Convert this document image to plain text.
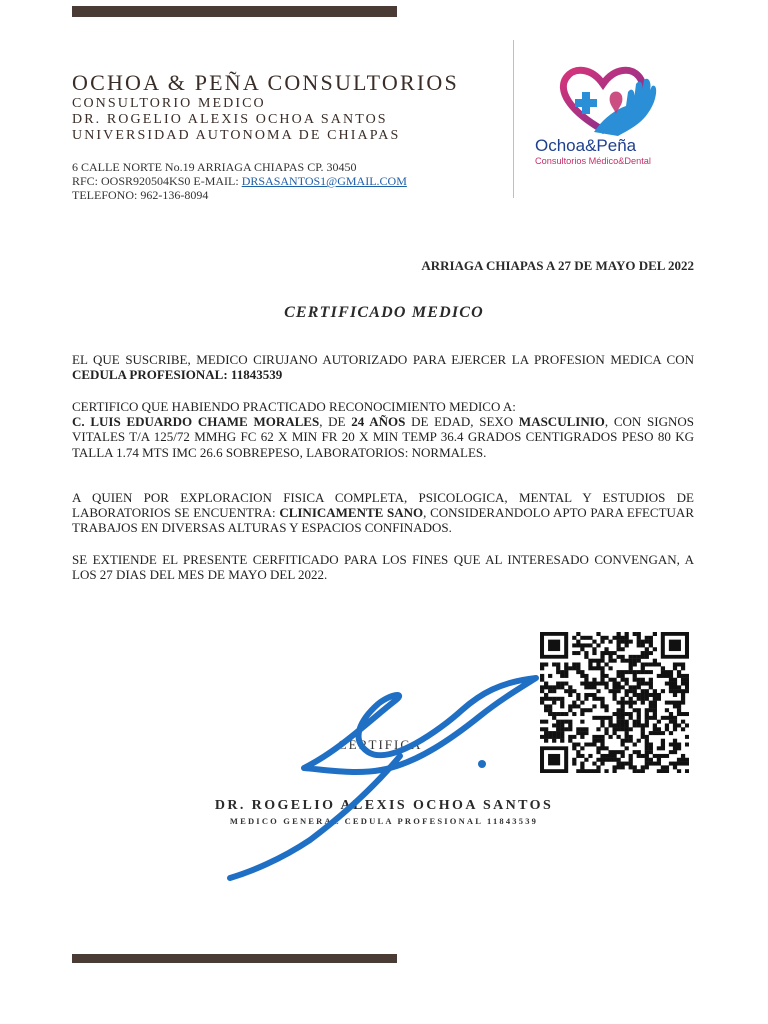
OCHOA & PEÑA CONSULTORIOS
CONSULTORIO MEDICO
DR. ROGELIO ALEXIS OCHOA SANTOS
UNIVERSIDAD AUTONOMA DE CHIAPAS
6 CALLE NORTE No.19 ARRIAGA CHIAPAS CP. 30450
RFC: OOSR920504KS0 E-MAIL: DRSASANTOS1@GMAIL.COM
TELEFONO: 962-136-8094
Ochoa&Peña
Consultorios Médico&Dental
ARRIAGA CHIAPAS A 27 DE MAYO DEL 2022
CERTIFICADO MEDICO
EL QUE SUSCRIBE, MEDICO CIRUJANO AUTORIZADO PARA EJERCER LA PROFESION MEDICA CON CEDULA PROFESIONAL: 11843539
CERTIFICO QUE HABIENDO PRACTICADO RECONOCIMIENTO MEDICO A:
C. LUIS EDUARDO CHAME MORALES, DE 24 AÑOS DE EDAD, SEXO MASCULINIO, CON SIGNOS VITALES T/A 125/72 MMHG FC 62 X MIN FR 20 X MIN TEMP 36.4 GRADOS CENTIGRADOS PESO 80 KG TALLA 1.74 MTS IMC 26.6 SOBREPESO, LABORATORIOS: NORMALES.
A QUIEN POR EXPLORACION FISICA COMPLETA, PSICOLOGICA, MENTAL Y ESTUDIOS DE LABORATORIOS SE ENCUENTRA: CLINICAMENTE SANO, CONSIDERANDOLO APTO PARA EFECTUAR TRABAJOS EN DIVERSAS ALTURAS Y ESPACIOS CONFINADOS.
SE EXTIENDE EL PRESENTE CERFITICADO PARA LOS FINES QUE AL INTERESADO CONVENGAN, A LOS 27 DIAS DEL MES DE MAYO DEL 2022.
CERTIFICA
DR. ROGELIO ALEXIS OCHOA SANTOS
MEDICO GENERAL CEDULA PROFESIONAL 11843539
